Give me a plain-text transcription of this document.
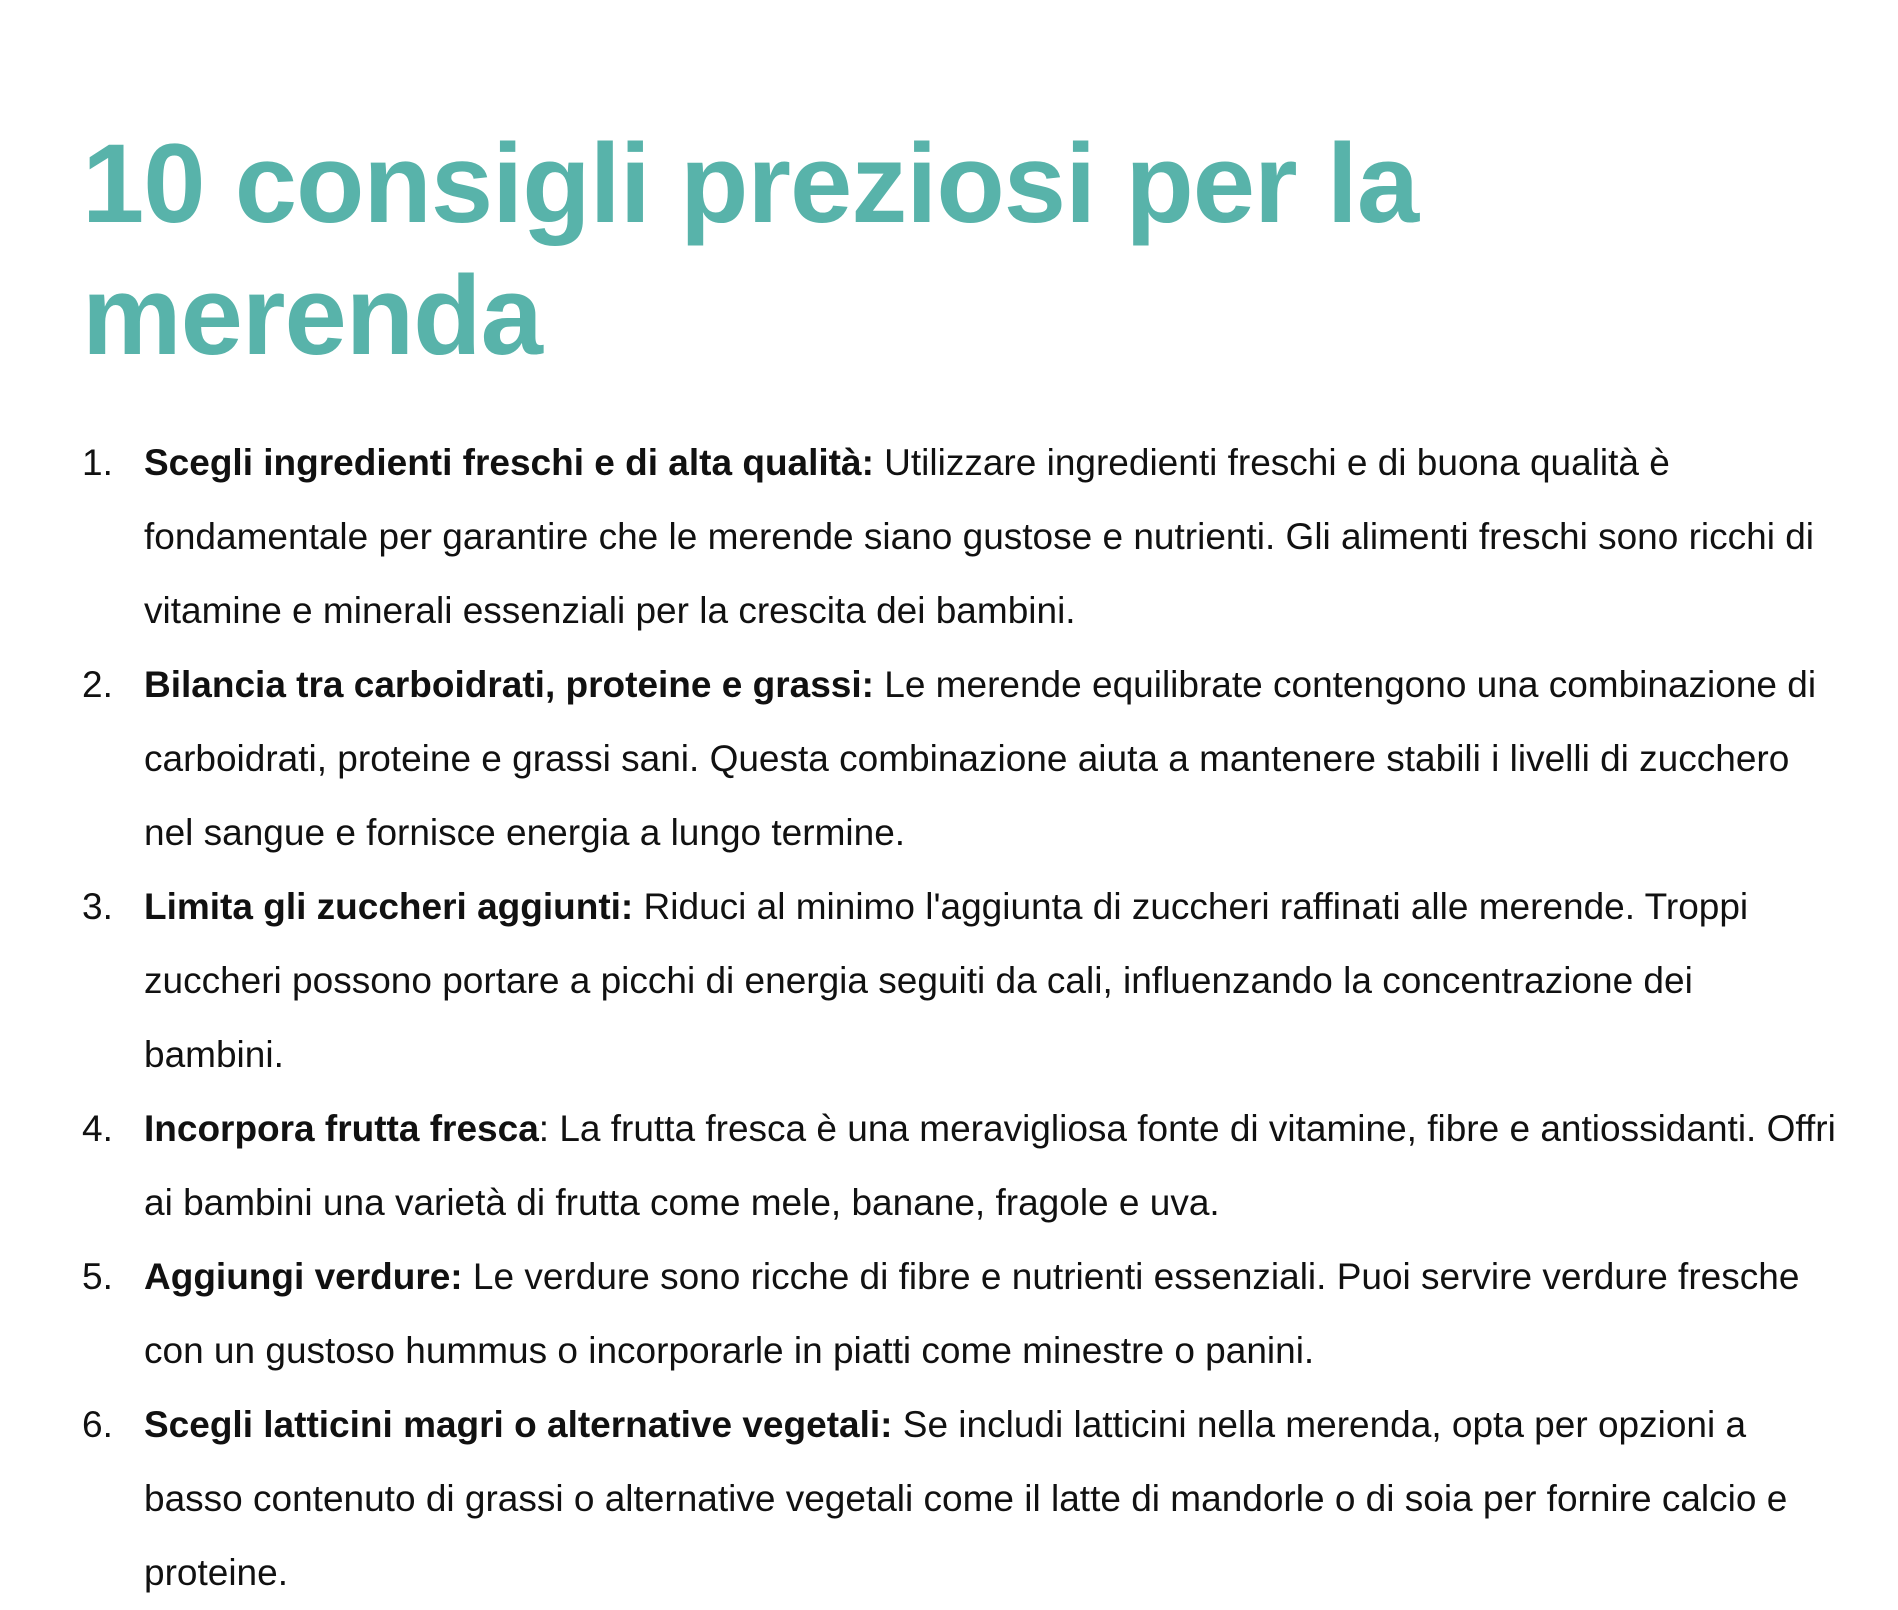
10 consigli preziosi per la merenda
1. Scegli ingredienti freschi e di alta qualità: Utilizzare ingredienti freschi e di buona qualità è fondamentale per garantire che le merende siano gustose e nutrienti. Gli alimenti freschi sono ricchi di vitamine e minerali essenziali per la crescita dei bambini.
2. Bilancia tra carboidrati, proteine e grassi: Le merende equilibrate contengono una combinazione di carboidrati, proteine e grassi sani. Questa combinazione aiuta a mantenere stabili i livelli di zucchero nel sangue e fornisce energia a lungo termine.
3. Limita gli zuccheri aggiunti: Riduci al minimo l'aggiunta di zuccheri raffinati alle merende. Troppi zuccheri possono portare a picchi di energia seguiti da cali, influenzando la concentrazione dei bambini.
4. Incorpora frutta fresca: La frutta fresca è una meravigliosa fonte di vitamine, fibre e antiossidanti. Offri ai bambini una varietà di frutta come mele, banane, fragole e uva.
5. Aggiungi verdure: Le verdure sono ricche di fibre e nutrienti essenziali. Puoi servire verdure fresche con un gustoso hummus o incorporarle in piatti come minestre o panini.
6. Scegli latticini magri o alternative vegetali: Se includi latticini nella merenda, opta per opzioni a basso contenuto di grassi o alternative vegetali come il latte di mandorle o di soia per fornire calcio e proteine.
